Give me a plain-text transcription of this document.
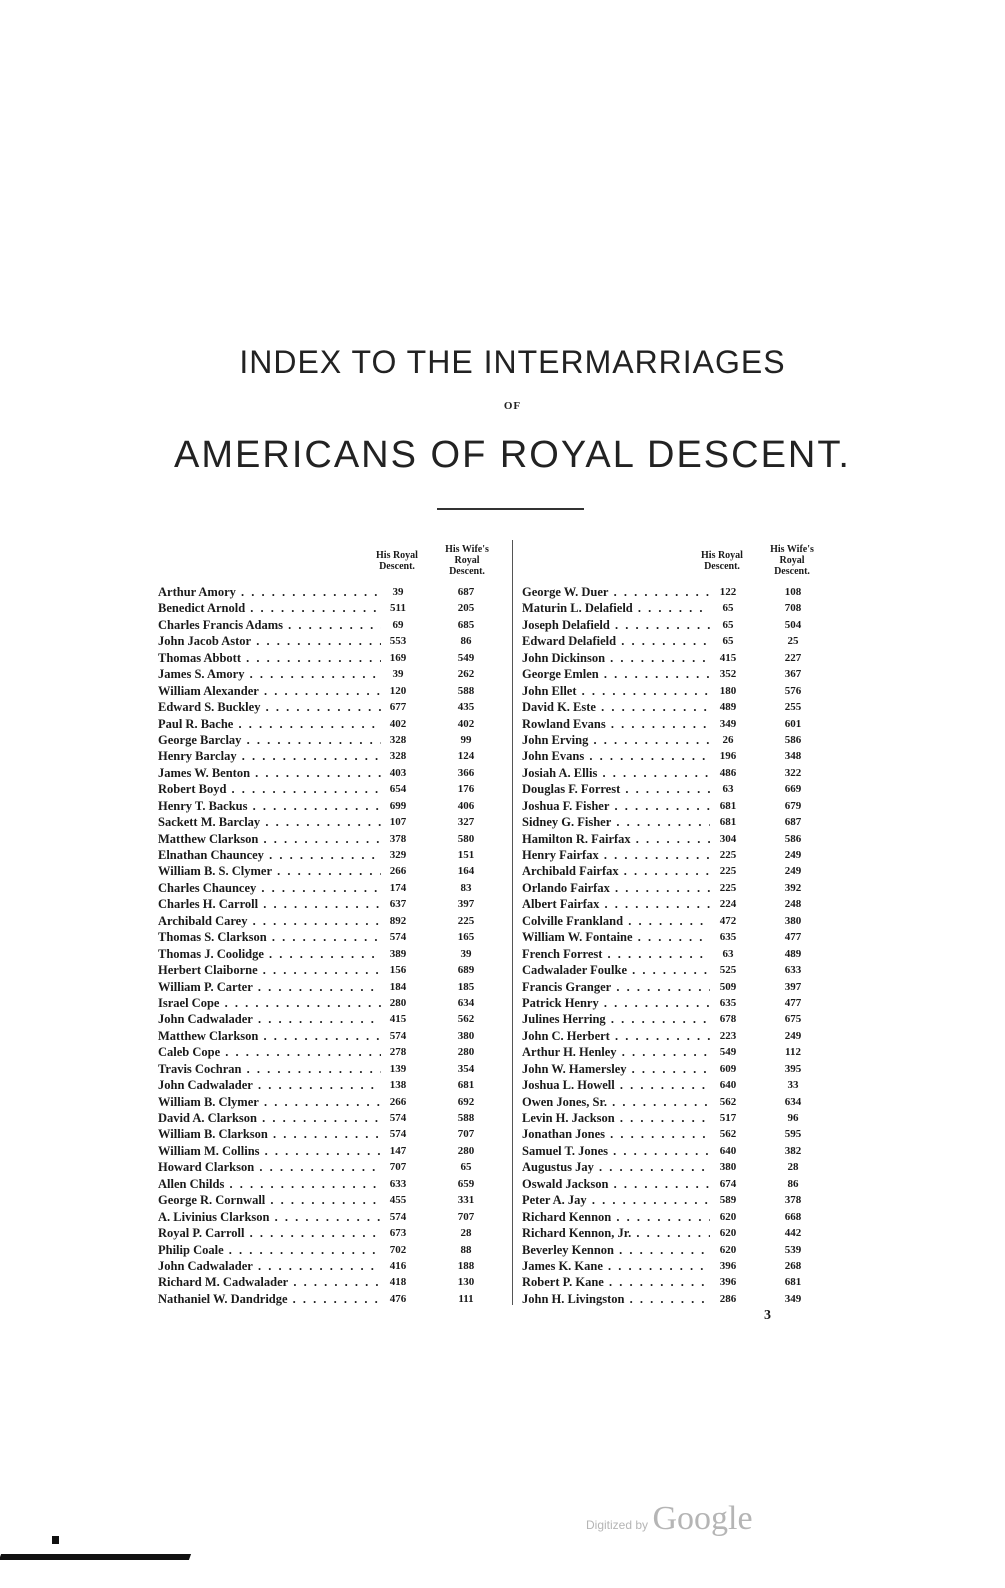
INDEX TO THE INTERMARRIAGES
OF
AMERICANS OF ROYAL DESCENT.
His Royal
Descent.
His Wife's
Royal
Descent.
His Royal
Descent.
His Wife's
Royal
Descent.
Arthur Amory . . .	39	687
Benedict Arnold . . .	511	205
Charles Francis Adams . . .	69	685
John Jacob Astor . . .	553	86
Thomas Abbott . . .	169	549
James S. Amory . . .	39	262
William Alexander . . .	120	588
Edward S. Buckley . . .	677	435
Paul R. Bache . . .	402	402
George Barclay . . .	328	99
Henry Barclay . . .	328	124
James W. Benton . . .	403	366
Robert Boyd . . .	654	176
Henry T. Backus . . .	699	406
Sackett M. Barclay . . .	107	327
Matthew Clarkson . . .	378	580
Elnathan Chauncey . . .	329	151
William B. S. Clymer . . .	266	164
Charles Chauncey . . .	174	83
Charles H. Carroll . . .	637	397
Archibald Carey . . .	892	225
Thomas S. Clarkson . . .	574	165
Thomas J. Coolidge . . .	389	39
Herbert Claiborne . . .	156	689
William P. Carter . . .	184	185
Israel Cope . . .	280	634
John Cadwalader . . .	415	562
Matthew Clarkson . . .	574	380
Caleb Cope . . .	278	280
Travis Cochran . . .	139	354
John Cadwalader . . .	138	681
William B. Clymer . . .	266	692
David A. Clarkson . . .	574	588
William B. Clarkson . . .	574	707
William M. Collins . . .	147	280
Howard Clarkson . . .	707	65
Allen Childs . . .	633	659
George R. Cornwall . . .	455	331
A. Livinius Clarkson . . .	574	707
Royal P. Carroll . . .	673	28
Philip Coale . . .	702	88
John Cadwalader . . .	416	188
Richard M. Cadwalader . . .	418	130
Nathaniel W. Dandridge . . .	476	111
George W. Duer . . .	122	108
Maturin L. Delafield . . .	65	708
Joseph Delafield . . .	65	504
Edward Delafield . . .	65	25
John Dickinson . . .	415	227
George Emlen . . .	352	367
John Ellet . . .	180	576
David K. Este . . .	489	255
Rowland Evans . . .	349	601
John Erving . . .	26	586
John Evans . . .	196	348
Josiah A. Ellis . . .	486	322
Douglas F. Forrest . . .	63	669
Joshua F. Fisher . . .	681	679
Sidney G. Fisher . . .	681	687
Hamilton R. Fairfax . . .	304	586
Henry Fairfax . . .	225	249
Archibald Fairfax . . .	225	249
Orlando Fairfax . . .	225	392
Albert Fairfax . . .	224	248
Colville Frankland . . .	472	380
William W. Fontaine . . .	635	477
French Forrest . . .	63	489
Cadwalader Foulke . . .	525	633
Francis Granger . . .	509	397
Patrick Henry . . .	635	477
Julines Herring . . .	678	675
John C. Herbert . . .	223	249
Arthur H. Henley . . .	549	112
John W. Hamersley . . .	609	395
Joshua L. Howell . . .	640	33
Owen Jones, Sr. . . .	562	634
Levin H. Jackson . . .	517	96
Jonathan Jones . . .	562	595
Samuel T. Jones . . .	640	382
Augustus Jay . . .	380	28
Oswald Jackson . . .	674	86
Peter A. Jay . . .	589	378
Richard Kennon . . .	620	668
Richard Kennon, Jr. . . .	620	442
Beverley Kennon . . .	620	539
James K. Kane . . .	396	268
Robert P. Kane . . .	396	681
John H. Livingston . . .	286	349
3
Digitized by Google
